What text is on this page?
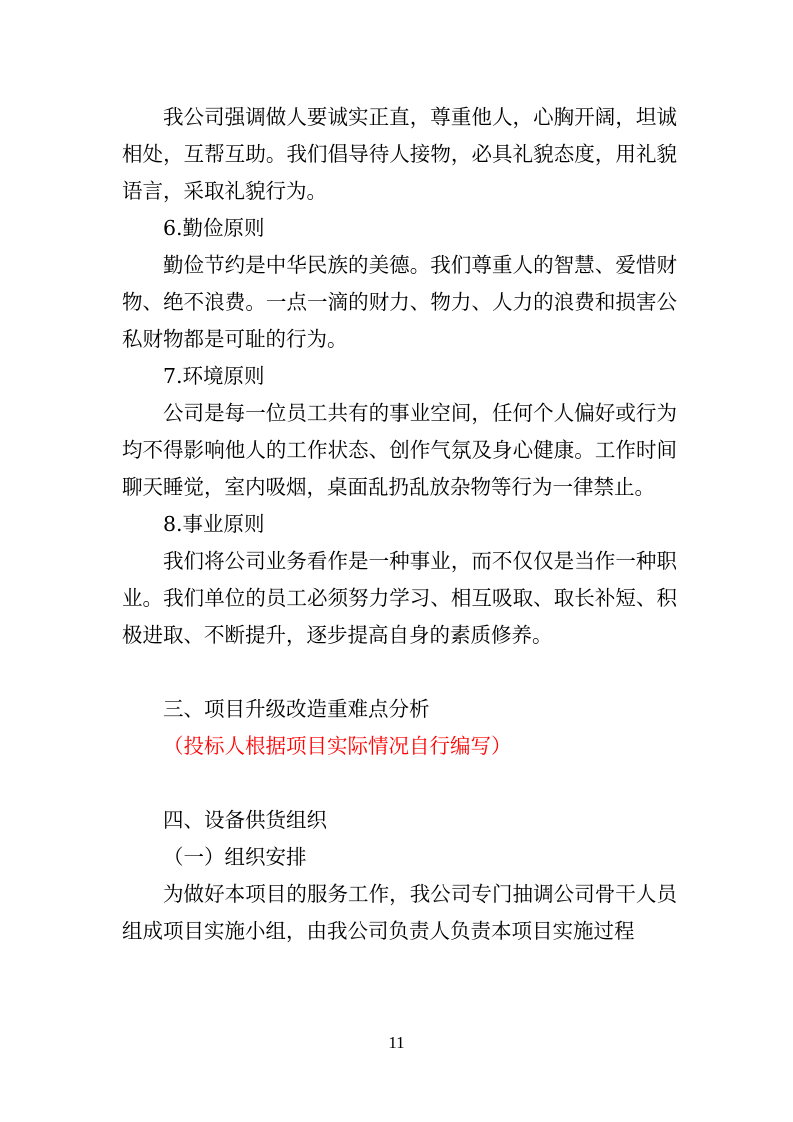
我公司强调做人要诚实正直，尊重他人，心胸开阔，坦诚相处，互帮互助。我们倡导待人接物，必具礼貌态度，用礼貌语言，采取礼貌行为。

6.勤俭原则

勤俭节约是中华民族的美德。我们尊重人的智慧、爱惜财物、绝不浪费。一点一滴的财力、物力、人力的浪费和损害公私财物都是可耻的行为。

7.环境原则

公司是每一位员工共有的事业空间，任何个人偏好或行为均不得影响他人的工作状态、创作气氛及身心健康。工作时间聊天睡觉，室内吸烟，桌面乱扔乱放杂物等行为一律禁止。

8.事业原则

我们将公司业务看作是一种事业，而不仅仅是当作一种职业。我们单位的员工必须努力学习、相互吸取、取长补短、积极进取、不断提升，逐步提高自身的素质修养。

三、项目升级改造重难点分析

（投标人根据项目实际情况自行编写）

四、设备供货组织

（一）组织安排

为做好本项目的服务工作，我公司专门抽调公司骨干人员组成项目实施小组，由我公司负责人负责本项目实施过程

11
